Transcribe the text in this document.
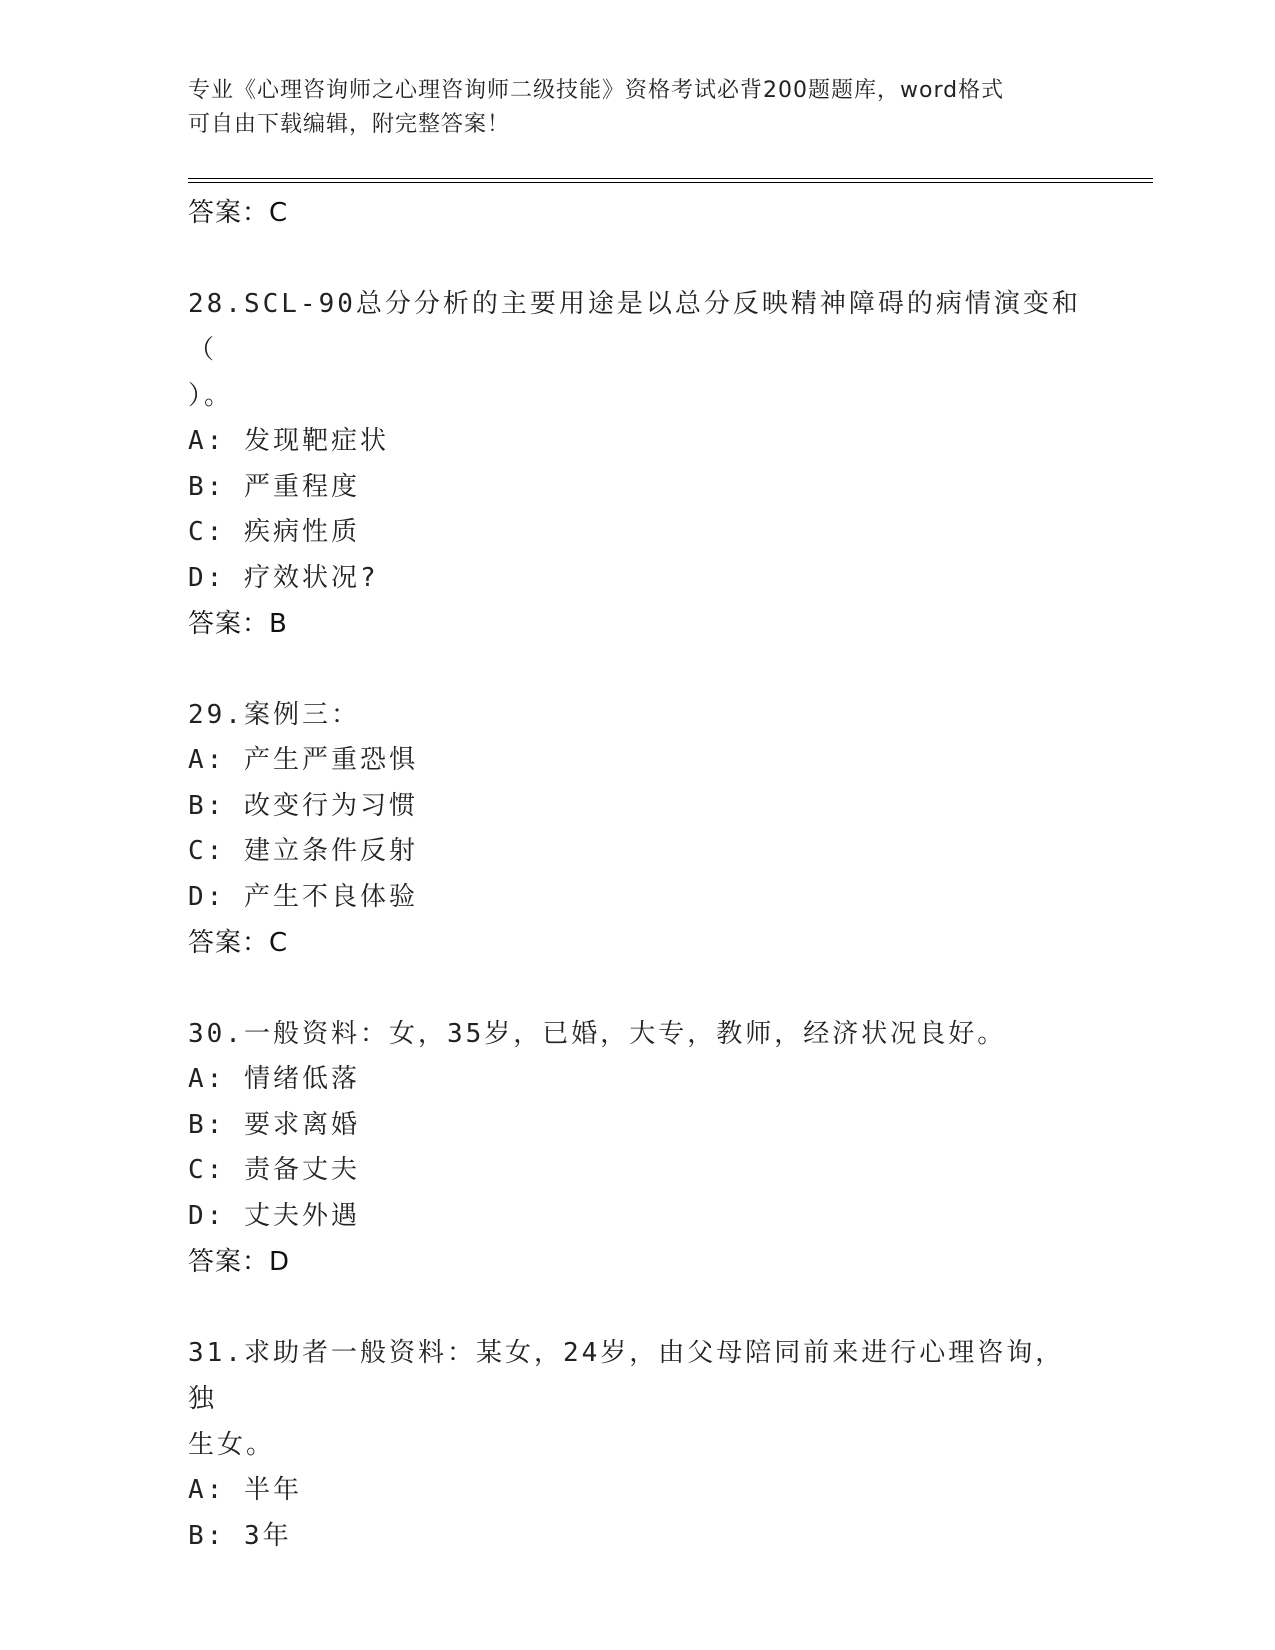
专业《心理咨询师之心理咨询师二级技能》资格考试必背200题题库，word格式
可自由下载编辑，附完整答案！
答案：C
28.SCL-90总分分析的主要用途是以总分反映精神障碍的病情演变和（
）。
A: 发现靶症状
B: 严重程度
C: 疾病性质
D: 疗效状况?
答案：B
29.案例三：
A: 产生严重恐惧
B: 改变行为习惯
C: 建立条件反射
D: 产生不良体验
答案：C
30.一般资料：女，35岁，已婚，大专，教师，经济状况良好。
A: 情绪低落
B: 要求离婚
C: 责备丈夫
D: 丈夫外遇
答案：D
31.求助者一般资料：某女，24岁，由父母陪同前来进行心理咨询，独
生女。
A: 半年
B: 3年
